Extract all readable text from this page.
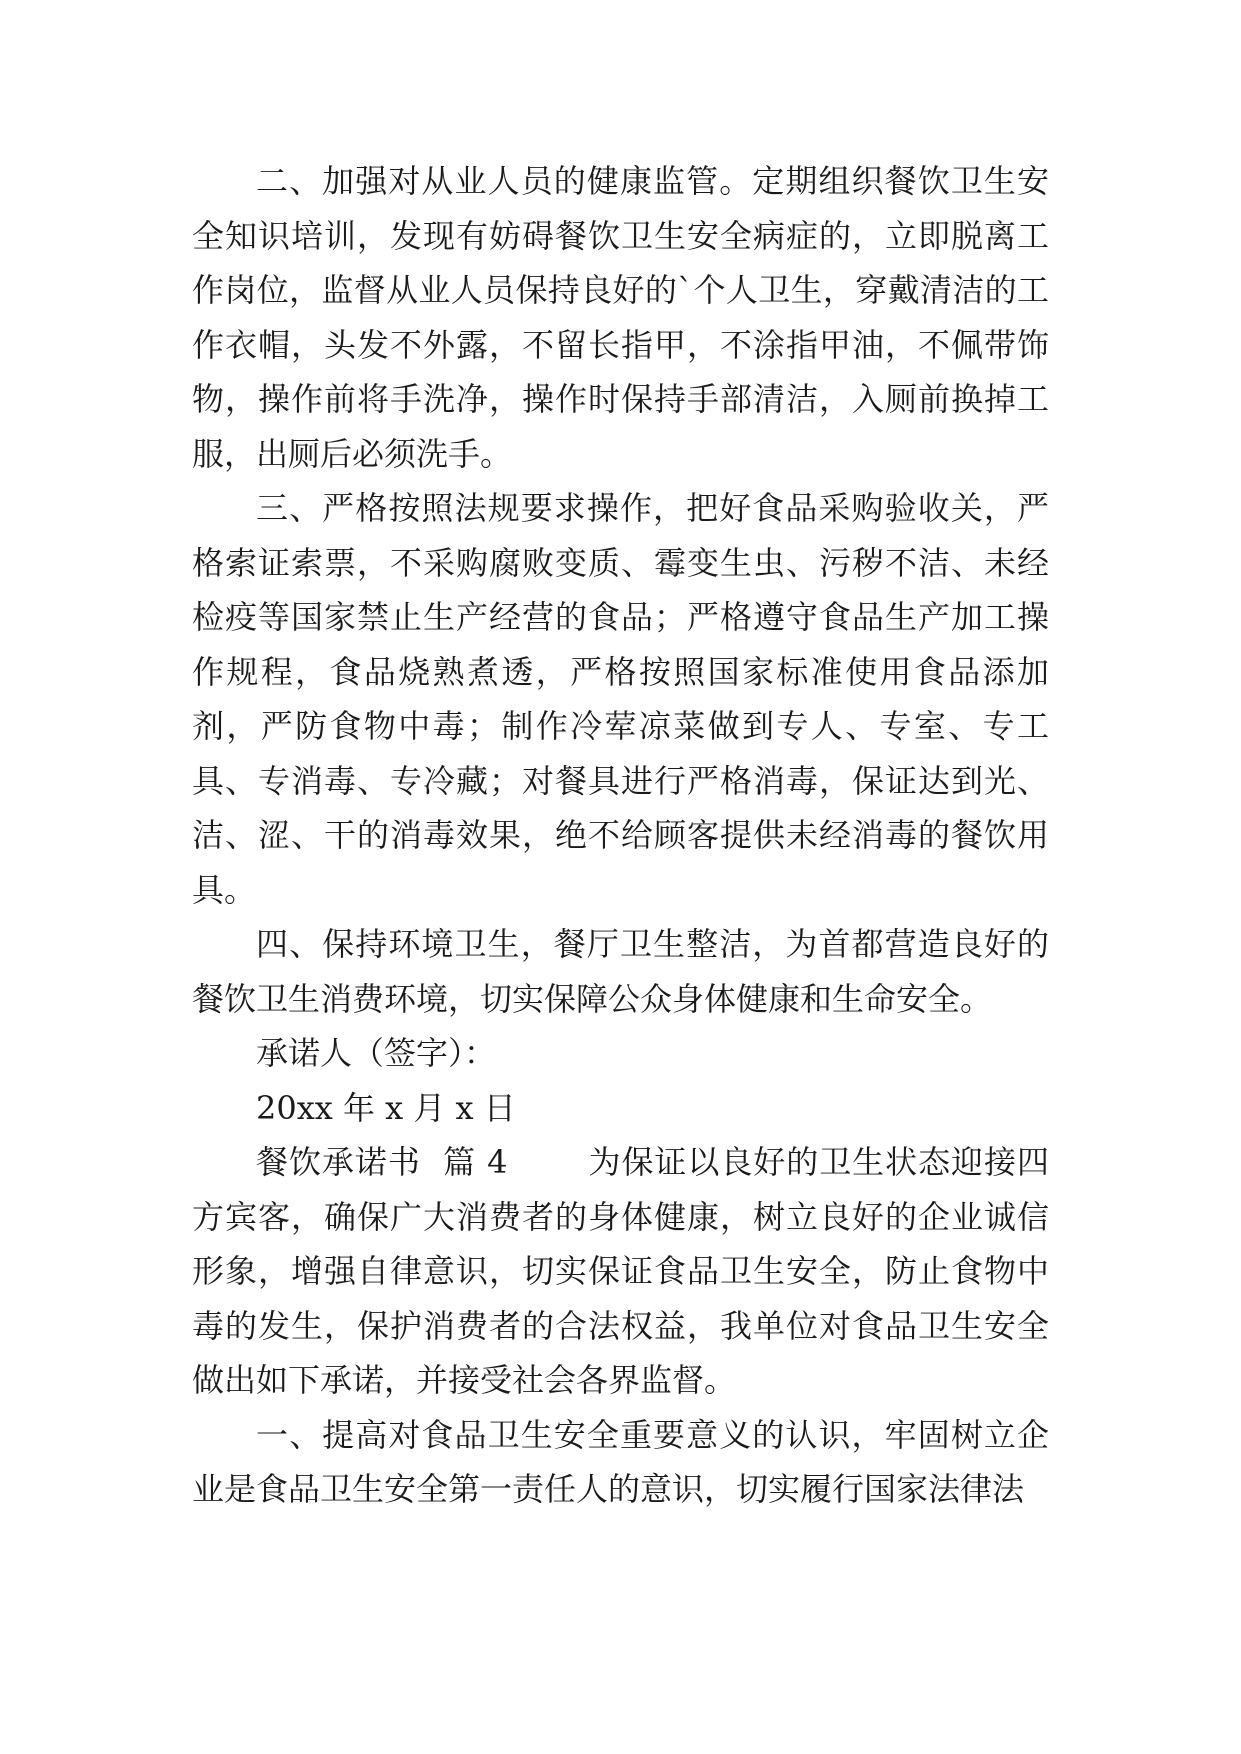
二、加强对从业人员的健康监管。定期组织餐饮卫生安全知识培训，发现有妨碍餐饮卫生安全病症的，立即脱离工作岗位，监督从业人员保持良好的`个人卫生，穿戴清洁的工作衣帽，头发不外露，不留长指甲，不涂指甲油，不佩带饰物，操作前将手洗净，操作时保持手部清洁，入厕前换掉工服，出厕后必须洗手。

三、严格按照法规要求操作，把好食品采购验收关，严格索证索票，不采购腐败变质、霉变生虫、污秽不洁、未经检疫等国家禁止生产经营的食品；严格遵守食品生产加工操作规程，食品烧熟煮透，严格按照国家标准使用食品添加剂，严防食物中毒；制作冷荤凉菜做到专人、专室、专工具、专消毒、专冷藏；对餐具进行严格消毒，保证达到光、洁、涩、干的消毒效果，绝不给顾客提供未经消毒的餐饮用具。

四、保持环境卫生，餐厅卫生整洁，为首都营造良好的餐饮卫生消费环境，切实保障公众身体健康和生命安全。

承诺人（签字）：

20xx 年 x 月 x 日

餐饮承诺书 篇 4	为保证以良好的卫生状态迎接四方宾客，确保广大消费者的身体健康，树立良好的企业诚信形象，增强自律意识，切实保证食品卫生安全，防止食物中毒的发生，保护消费者的合法权益，我单位对食品卫生安全做出如下承诺，并接受社会各界监督。

一、提高对食品卫生安全重要意义的认识，牢固树立企业是食品卫生安全第一责任人的意识，切实履行国家法律法
